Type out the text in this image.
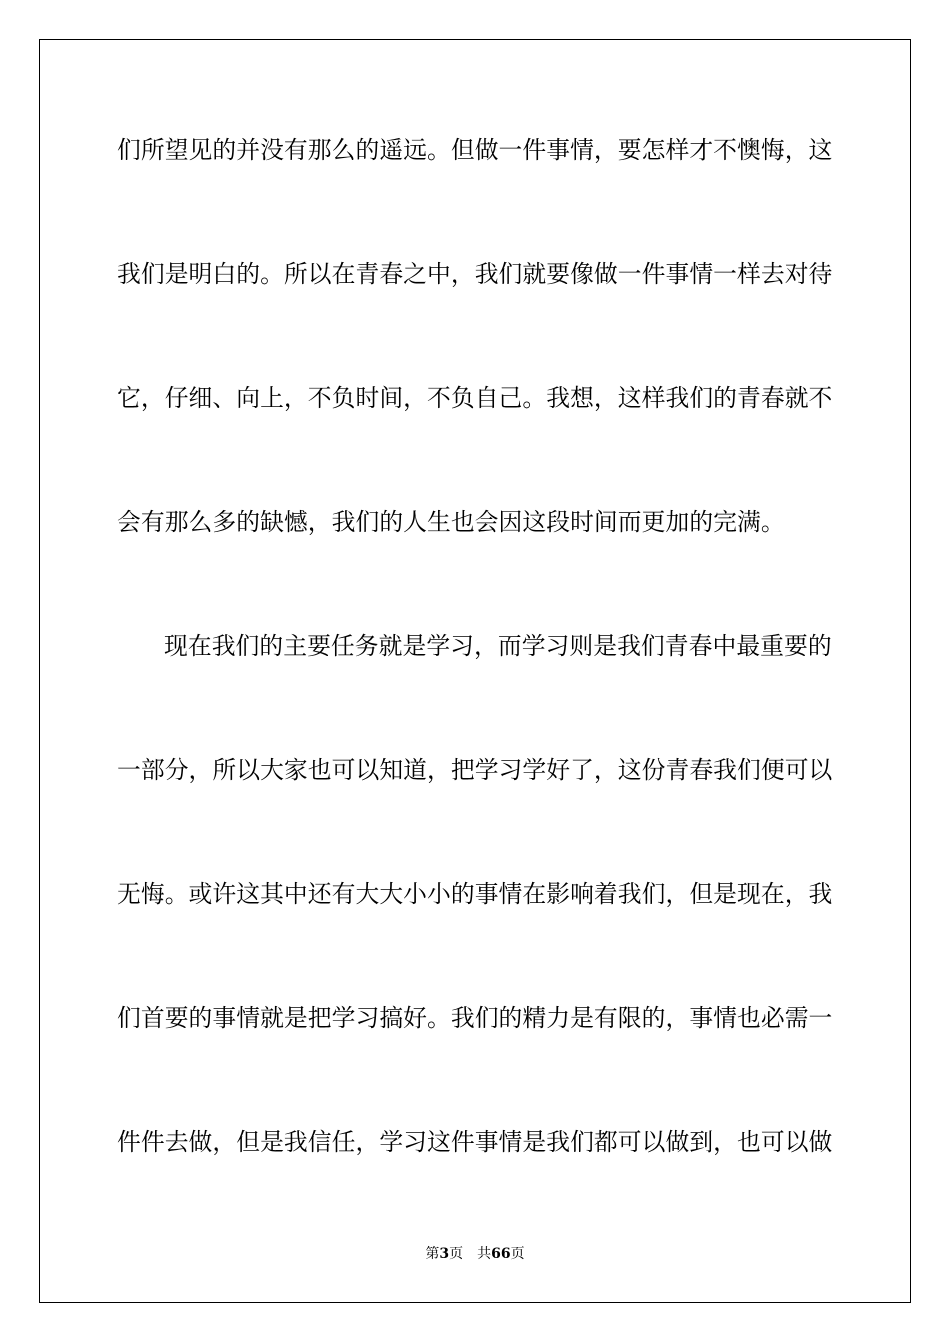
们所望见的并没有那么的遥远。但做一件事情，要怎样才不懊悔，这
我们是明白的。所以在青春之中，我们就要像做一件事情一样去对待
它，仔细、向上，不负时间，不负自己。我想，这样我们的青春就不
会有那么多的缺憾，我们的人生也会因这段时间而更加的完满。
现在我们的主要任务就是学习，而学习则是我们青春中最重要的
一部分，所以大家也可以知道，把学习学好了，这份青春我们便可以
无悔。或许这其中还有大大小小的事情在影响着我们，但是现在，我
们首要的事情就是把学习搞好。我们的精力是有限的，事情也必需一
件件去做，但是我信任，学习这件事情是我们都可以做到，也可以做
第3页 共66页
